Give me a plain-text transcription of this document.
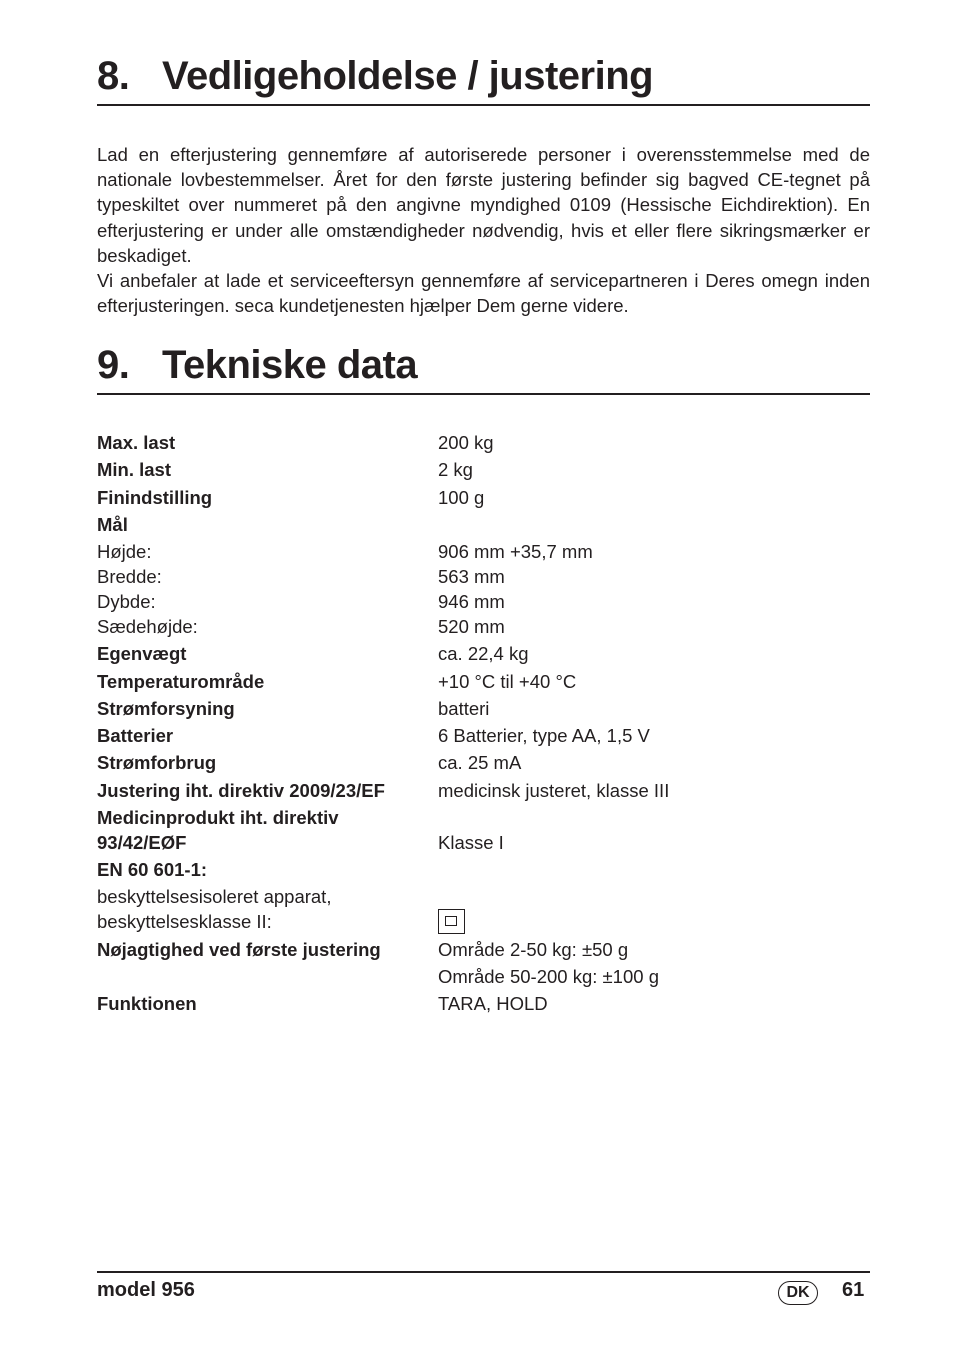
8. Vedligeholdelse / justering

Lad en efterjustering gennemføre af autoriserede personer i overensstemmelse med de nationale lovbestemmelser. Året for den første justering befinder sig bagved CE-tegnet på typeskiltet over nummeret på den angivne myndighed 0109 (Hessische Eichdirektion). En efterjustering er under alle omstændigheder nødvendig, hvis et eller flere sikringsmærker er beskadiget.

Vi anbefaler at lade et serviceeftersyn gennemføre af servicepartneren i Deres omegn inden efterjusteringen. seca kundetjenesten hjælper Dem gerne videre.

9. Tekniske data
Max. last	200 kg
Min. last	2 kg
Finindstilling	100 g
Mål
Højde:	906 mm +35,7 mm
Bredde:	563 mm
Dybde:	946 mm
Sædehøjde:	520 mm
Egenvægt	ca. 22,4 kg
Temperaturområde	+10 °C til +40 °C
Strømforsyning	batteri
Batterier	6 Batterier, type AA, 1,5 V
Strømforbrug	ca. 25 mA
Justering iht. direktiv 2009/23/EF	medicinsk justeret, klasse III
Medicinprodukt iht. direktiv
93/42/EØF	Klasse I
EN 60 601-1:
beskyttelsesisoleret apparat,
beskyttelsesklasse II:
Nøjagtighed ved første justering	Område 2-50 kg: ±50 g
Område 50-200 kg: ±100 g
Funktionen	TARA, HOLD
model 956	DK	61
